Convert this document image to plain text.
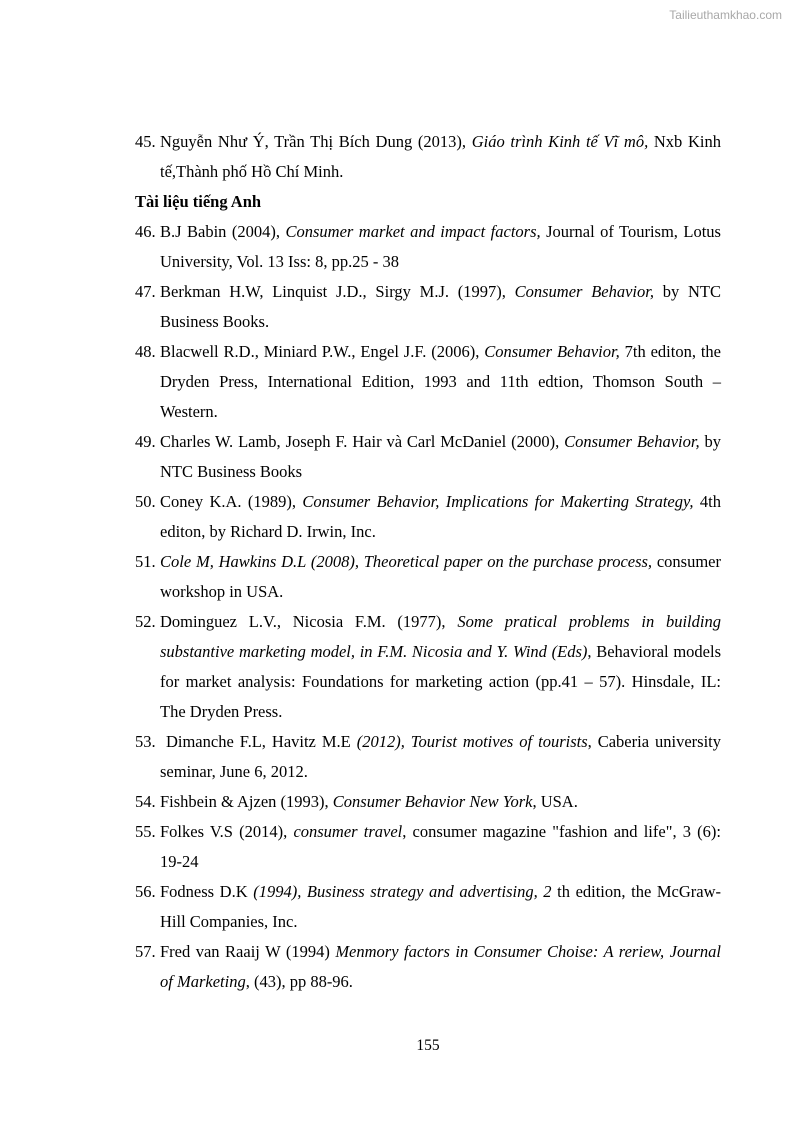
Tailieuthamkhao.com
45. Nguyễn Như Ý, Trần Thị Bích Dung (2013), Giáo trình Kinh tế Vĩ mô, Nxb Kinh tế,Thành phố Hồ Chí Minh.
Tài liệu tiếng Anh
46. B.J Babin (2004), Consumer market and impact factors, Journal of Tourism, Lotus University, Vol. 13 Iss: 8, pp.25 - 38
47. Berkman H.W, Linquist J.D., Sirgy M.J. (1997), Consumer Behavior, by NTC Business Books.
48. Blacwell R.D., Miniard P.W., Engel J.F. (2006), Consumer Behavior, 7th editon, the Dryden Press, International Edition, 1993 and 11th edtion, Thomson South – Western.
49. Charles W. Lamb, Joseph F. Hair và Carl McDaniel (2000), Consumer Behavior, by NTC Business Books
50. Coney K.A. (1989), Consumer Behavior, Implications for Makerting Strategy, 4th editon, by Richard D. Irwin, Inc.
51. Cole M, Hawkins D.L (2008), Theoretical paper on the purchase process, consumer workshop in USA.
52. Dominguez L.V., Nicosia F.M. (1977), Some pratical problems in building substantive marketing model, in F.M. Nicosia and Y. Wind (Eds), Behavioral models for market analysis: Foundations for marketing action (pp.41 – 57). Hinsdale, IL: The Dryden Press.
53. Dimanche F.L, Havitz M.E (2012), Tourist motives of tourists, Caberia university seminar, June 6, 2012.
54. Fishbein & Ajzen (1993), Consumer Behavior New York, USA.
55. Folkes V.S (2014), consumer travel, consumer magazine "fashion and life", 3 (6): 19-24
56. Fodness D.K (1994), Business strategy and advertising, 2 th edition, the McGraw-Hill Companies, Inc.
57. Fred van Raaij W (1994) Menmory factors in Consumer Choise: A reriew, Journal of Marketing, (43), pp 88-96.
155
